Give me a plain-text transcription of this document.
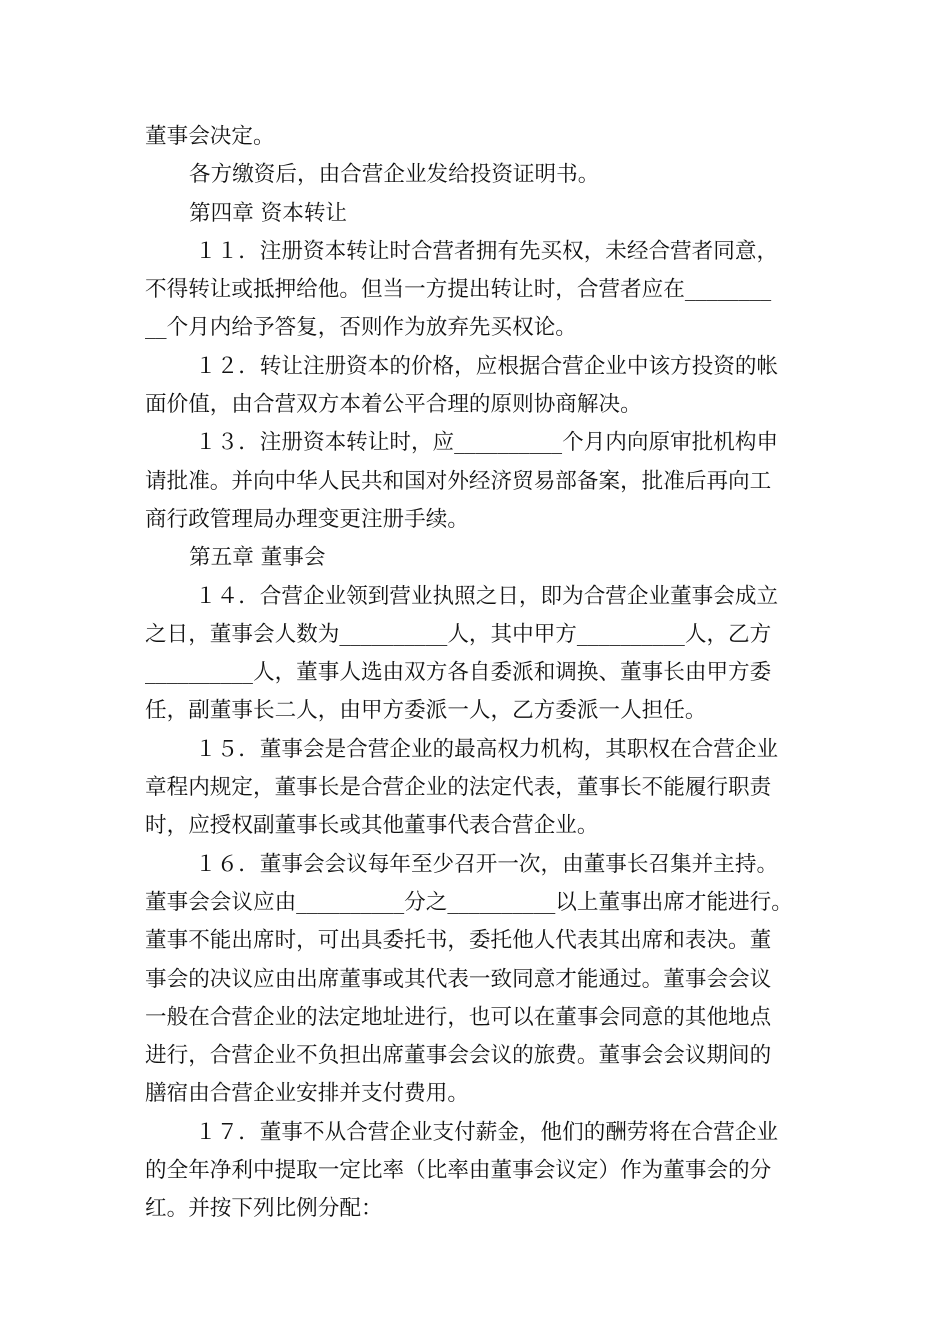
董事会决定。
各方缴资后，由合营企业发给投资证明书。
第四章 资本转让
１１．注册资本转让时合营者拥有先买权，未经合营者同意，
不得转让或抵押给他。但当一方提出转让时，合营者应在________
__个月内给予答复，否则作为放弃先买权论。
１２．转让注册资本的价格，应根据合营企业中该方投资的帐
面价值，由合营双方本着公平合理的原则协商解决。
１３．注册资本转让时，应__________个月内向原审批机构申
请批准。并向中华人民共和国对外经济贸易部备案，批准后再向工
商行政管理局办理变更注册手续。
第五章 董事会
１４．合营企业领到营业执照之日，即为合营企业董事会成立
之日，董事会人数为__________人，其中甲方__________人，乙方
__________人，董事人选由双方各自委派和调换、董事长由甲方委
任，副董事长二人，由甲方委派一人，乙方委派一人担任。
１５．董事会是合营企业的最高权力机构，其职权在合营企业
章程内规定，董事长是合营企业的法定代表，董事长不能履行职责
时，应授权副董事长或其他董事代表合营企业。
１６．董事会会议每年至少召开一次，由董事长召集并主持。
董事会会议应由__________分之__________以上董事出席才能进行。
董事不能出席时，可出具委托书，委托他人代表其出席和表决。董
事会的决议应由出席董事或其代表一致同意才能通过。董事会会议
一般在合营企业的法定地址进行，也可以在董事会同意的其他地点
进行，合营企业不负担出席董事会会议的旅费。董事会会议期间的
膳宿由合营企业安排并支付费用。
１７．董事不从合营企业支付薪金，他们的酬劳将在合营企业
的全年净利中提取一定比率（比率由董事会议定）作为董事会的分
红。并按下列比例分配：
